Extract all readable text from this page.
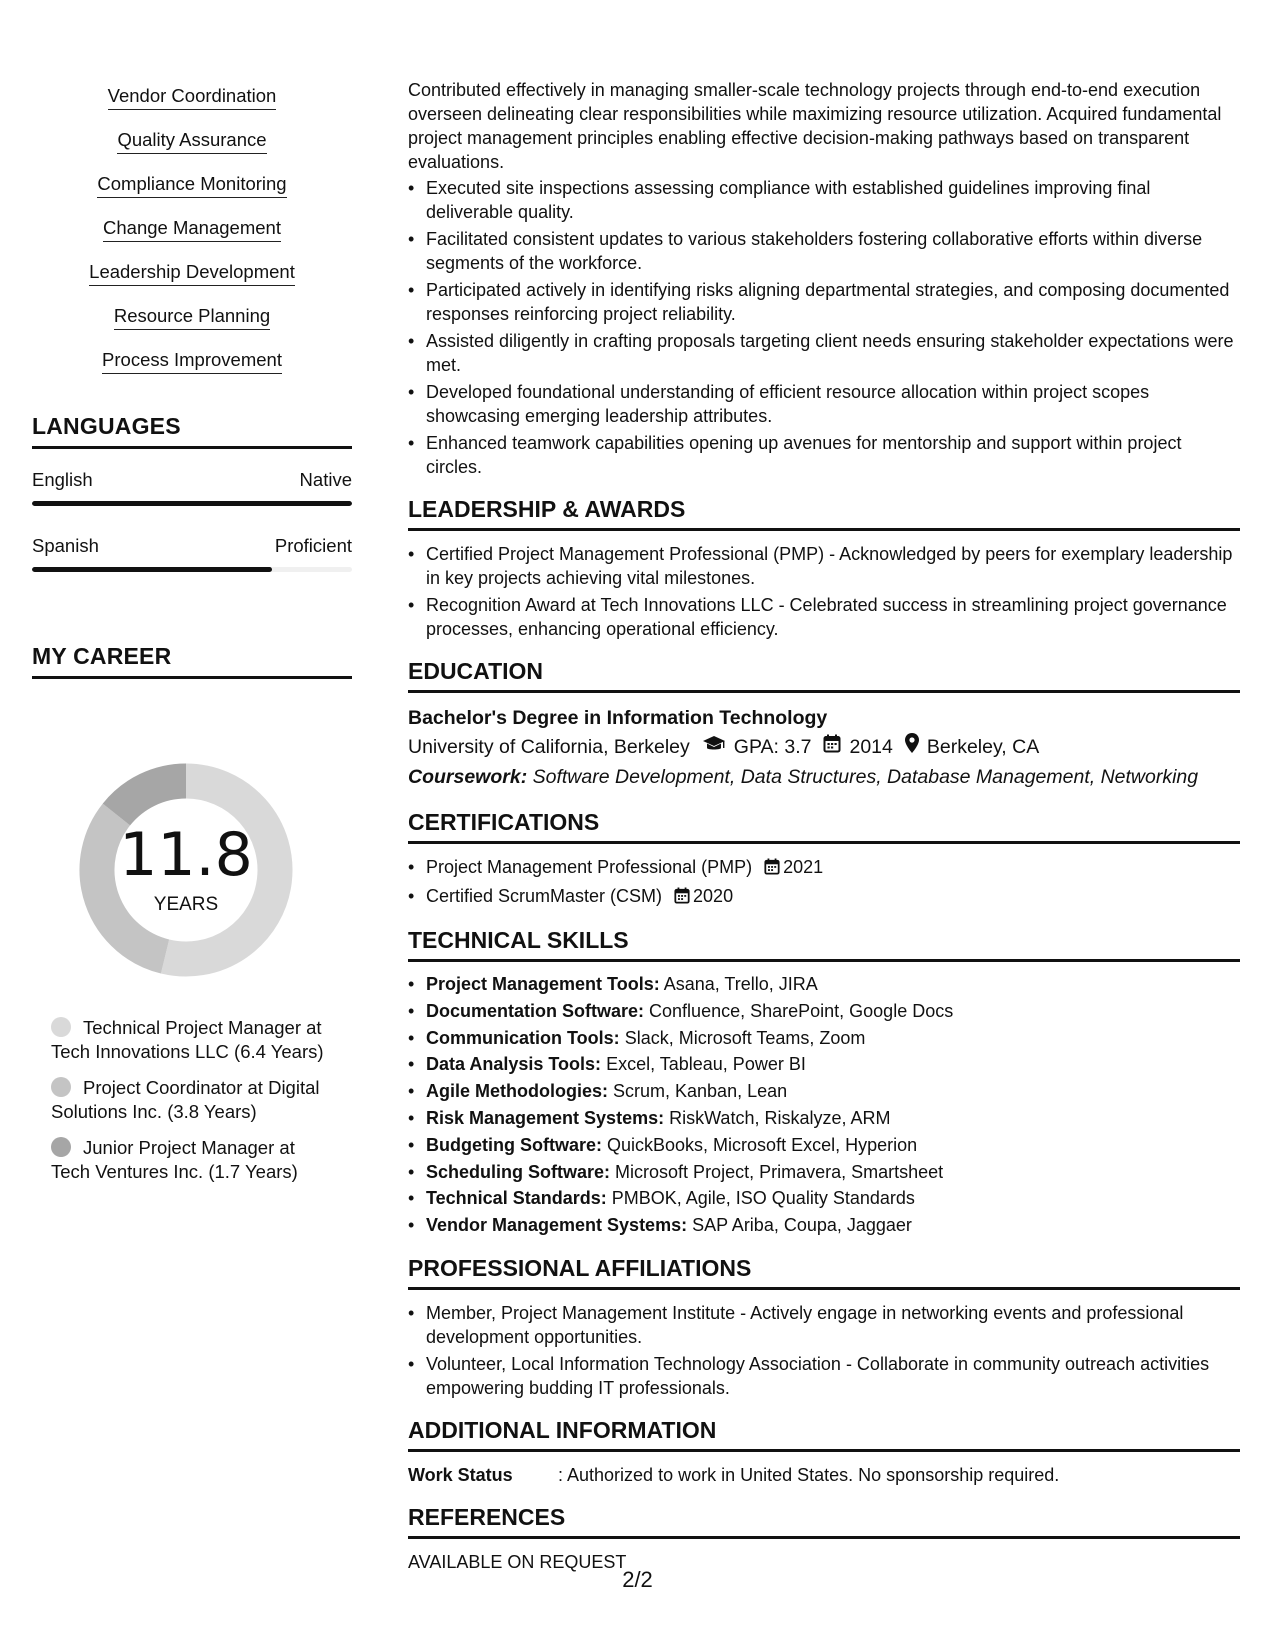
Vendor Coordination
Quality Assurance
Compliance Monitoring
Change Management
Leadership Development
Resource Planning
Process Improvement
LANGUAGES
English	Native
Spanish	Proficient
MY CAREER
11.8
YEARS
Technical Project Manager at Tech Innovations LLC (6.4 Years)
Project Coordinator at Digital Solutions Inc. (3.8 Years)
Junior Project Manager at Tech Ventures Inc. (1.7 Years)
Contributed effectively in managing smaller-scale technology projects through end-to-end execution overseen delineating clear responsibilities while maximizing resource utilization. Acquired fundamental project management principles enabling effective decision-making pathways based on transparent evaluations.
• Executed site inspections assessing compliance with established guidelines improving final deliverable quality.
• Facilitated consistent updates to various stakeholders fostering collaborative efforts within diverse segments of the workforce.
• Participated actively in identifying risks aligning departmental strategies, and composing documented responses reinforcing project reliability.
• Assisted diligently in crafting proposals targeting client needs ensuring stakeholder expectations were met.
• Developed foundational understanding of efficient resource allocation within project scopes showcasing emerging leadership attributes.
• Enhanced teamwork capabilities opening up avenues for mentorship and support within project circles.
LEADERSHIP & AWARDS
• Certified Project Management Professional (PMP) - Acknowledged by peers for exemplary leadership in key projects achieving vital milestones.
• Recognition Award at Tech Innovations LLC - Celebrated success in streamlining project governance processes, enhancing operational efficiency.
EDUCATION
Bachelor's Degree in Information Technology
University of California, Berkeley GPA: 3.7 2014 Berkeley, CA
Coursework: Software Development, Data Structures, Database Management, Networking
CERTIFICATIONS
• Project Management Professional (PMP) 2021
• Certified ScrumMaster (CSM) 2020
TECHNICAL SKILLS
• Project Management Tools: Asana, Trello, JIRA
• Documentation Software: Confluence, SharePoint, Google Docs
• Communication Tools: Slack, Microsoft Teams, Zoom
• Data Analysis Tools: Excel, Tableau, Power BI
• Agile Methodologies: Scrum, Kanban, Lean
• Risk Management Systems: RiskWatch, Riskalyze, ARM
• Budgeting Software: QuickBooks, Microsoft Excel, Hyperion
• Scheduling Software: Microsoft Project, Primavera, Smartsheet
• Technical Standards: PMBOK, Agile, ISO Quality Standards
• Vendor Management Systems: SAP Ariba, Coupa, Jaggaer
PROFESSIONAL AFFILIATIONS
• Member, Project Management Institute - Actively engage in networking events and professional development opportunities.
• Volunteer, Local Information Technology Association - Collaborate in community outreach activities empowering budding IT professionals.
ADDITIONAL INFORMATION
Work Status	: Authorized to work in United States. No sponsorship required.
REFERENCES
AVAILABLE ON REQUEST
2/2
